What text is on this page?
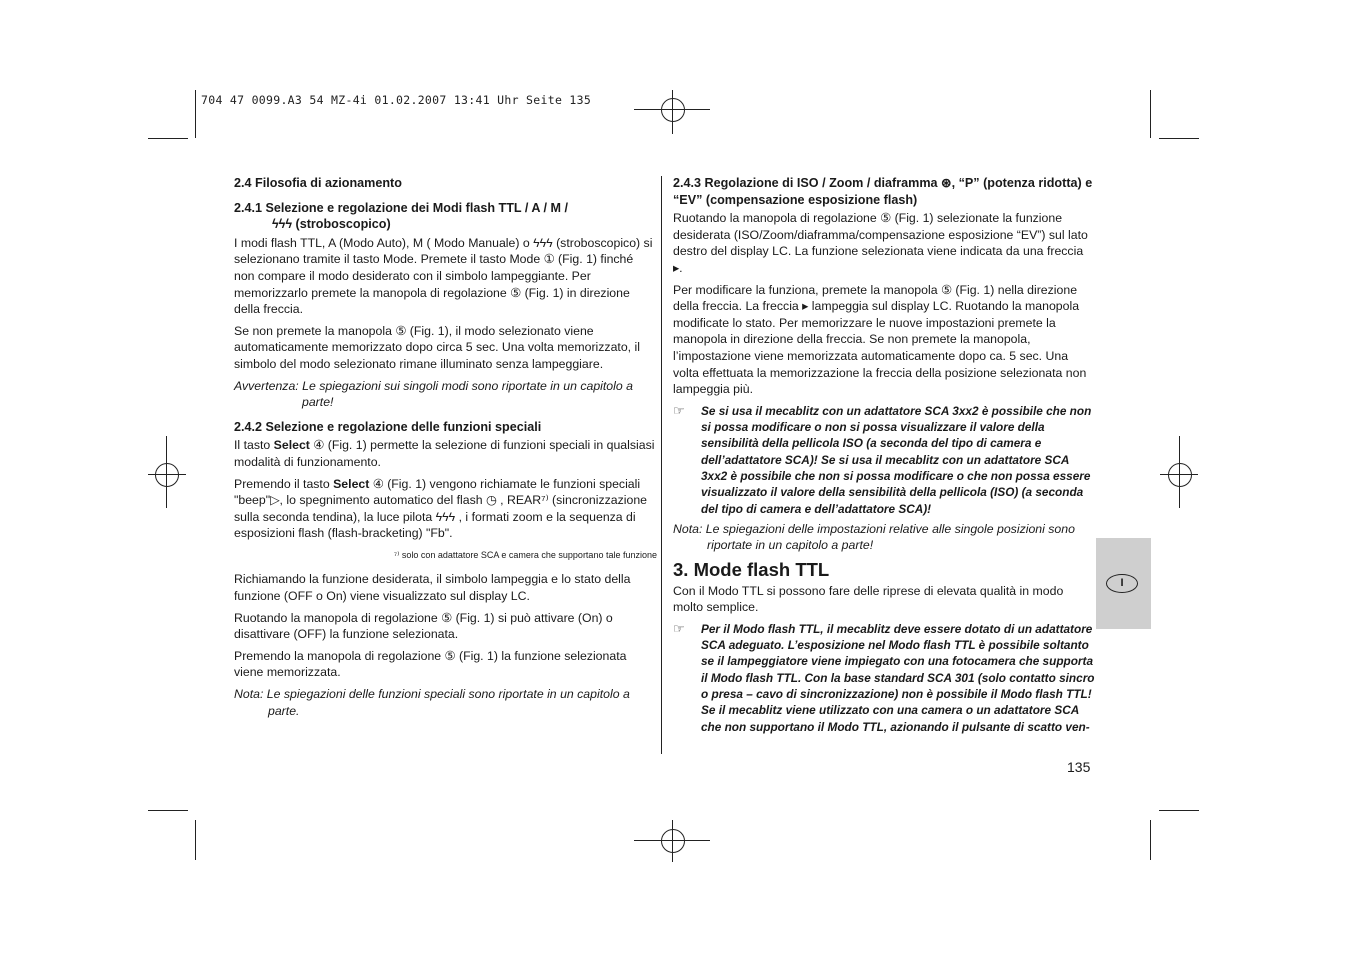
704 47 0099.A3 54 MZ-4i 01.02.2007 13:41 Uhr Seite 135
2.4 Filosofia di azionamento
2.4.1 Selezione e regolazione dei Modi flash TTL / A / M /
ϟϟϟ (stroboscopico)

I modi flash TTL, A (Modo Auto), M ( Modo Manuale) o ϟϟϟ (stroboscopico) si selezionano tramite il tasto Mode. Premete il tasto Mode ① (Fig. 1) finché non compare il modo desiderato con il simbolo lampeggiante. Per memorizzarlo premete la manopola di regolazione ⑤ (Fig. 1) in direzione della freccia.

Se non premete la manopola ⑤ (Fig. 1), il modo selezionato viene automaticamente memorizzato dopo circa 5 sec. Una volta memorizzato, il simbolo del modo selezionato rimane illuminato senza lampeggiare.

Avvertenza: Le spiegazioni sui singoli modi sono riportate in un capitolo a parte!

2.4.2 Selezione e regolazione delle funzioni speciali

Il tasto Select ④ (Fig. 1) permette la selezione di funzioni speciali in qualsiasi modalità di funzionamento.

Premendo il tasto Select ④ (Fig. 1) vengono richiamate le funzioni speciali "beep"▷, lo spegnimento automatico del flash ◷ , REAR⁷⁾ (sincronizzazione sulla seconda tendina), la luce pilota ϟϟϟ , i formati zoom e la sequenza di esposizioni flash (flash-bracketing) "Fb".

⁷⁾ solo con adattatore SCA e camera che supportano tale funzione

Richiamando la funzione desiderata, il simbolo lampeggia e lo stato della funzione (OFF o On) viene visualizzato sul display LC.

Ruotando la manopola di regolazione ⑤ (Fig. 1) si può attivare (On) o disattivare (OFF) la funzione selezionata.

Premendo la manopola di regolazione ⑤ (Fig. 1) la funzione selezionata viene memorizzata.

Nota: Le spiegazioni delle funzioni speciali sono riportate in un capitolo a parte.

2.4.3 Regolazione di ISO / Zoom / diaframma ⊛, “P” (potenza ridotta) e “EV” (compensazione esposizione flash)

Ruotando la manopola di regolazione ⑤ (Fig. 1) selezionate la funzione desiderata (ISO/Zoom/diaframma/compensazione esposizione “EV”) sul lato destro del display LC. La funzione selezionata viene indicata da una freccia ▸.

Per modificare la funziona, premete la manopola ⑤ (Fig. 1) nella direzione della freccia. La freccia ▸ lampeggia sul display LC. Ruotando la manopola modificate lo stato. Per memorizzare le nuove impostazioni premete la manopola in direzione della freccia. Se non premete la manopola, l’impostazione viene memorizzata automaticamente dopo ca. 5 sec. Una volta effettuata la memorizzazione la freccia della posizione selezionata non lampeggia più.

☞	Se si usa il mecablitz con un adattatore SCA 3xx2 è possibile che non si possa modificare o non si possa visualizzare il valore della sensibilità della pellicola ISO (a seconda del tipo di camera e dell’adattatore SCA)! Se si usa il mecablitz con un adattatore SCA 3xx2 è possibile che non si possa modificare o che non possa essere visualizzato il valore della sensibilità della pellicola (ISO) (a seconda del tipo di camera e dell’adattatore SCA)!

Nota: Le spiegazioni delle impostazioni relative alle singole posizioni sono riportate in un capitolo a parte!

3. Mode flash TTL

Con il Modo TTL si possono fare delle riprese di elevata qualità in modo molto semplice.

☞	Per il Modo flash TTL, il mecablitz deve essere dotato di un adattatore SCA adeguato. L’esposizione nel Modo flash TTL è possibile soltanto se il lampeggiatore viene impiegato con una fotocamera che supporta il Modo flash TTL. Con la base standard SCA 301 (solo contatto sincro o presa – cavo di sincronizzazione) non è possibile il Modo flash TTL! Se il mecablitz viene utilizzato con una camera o un adattatore SCA che non supportano il Modo TTL, azionando il pulsante di scatto ven-
I
135
